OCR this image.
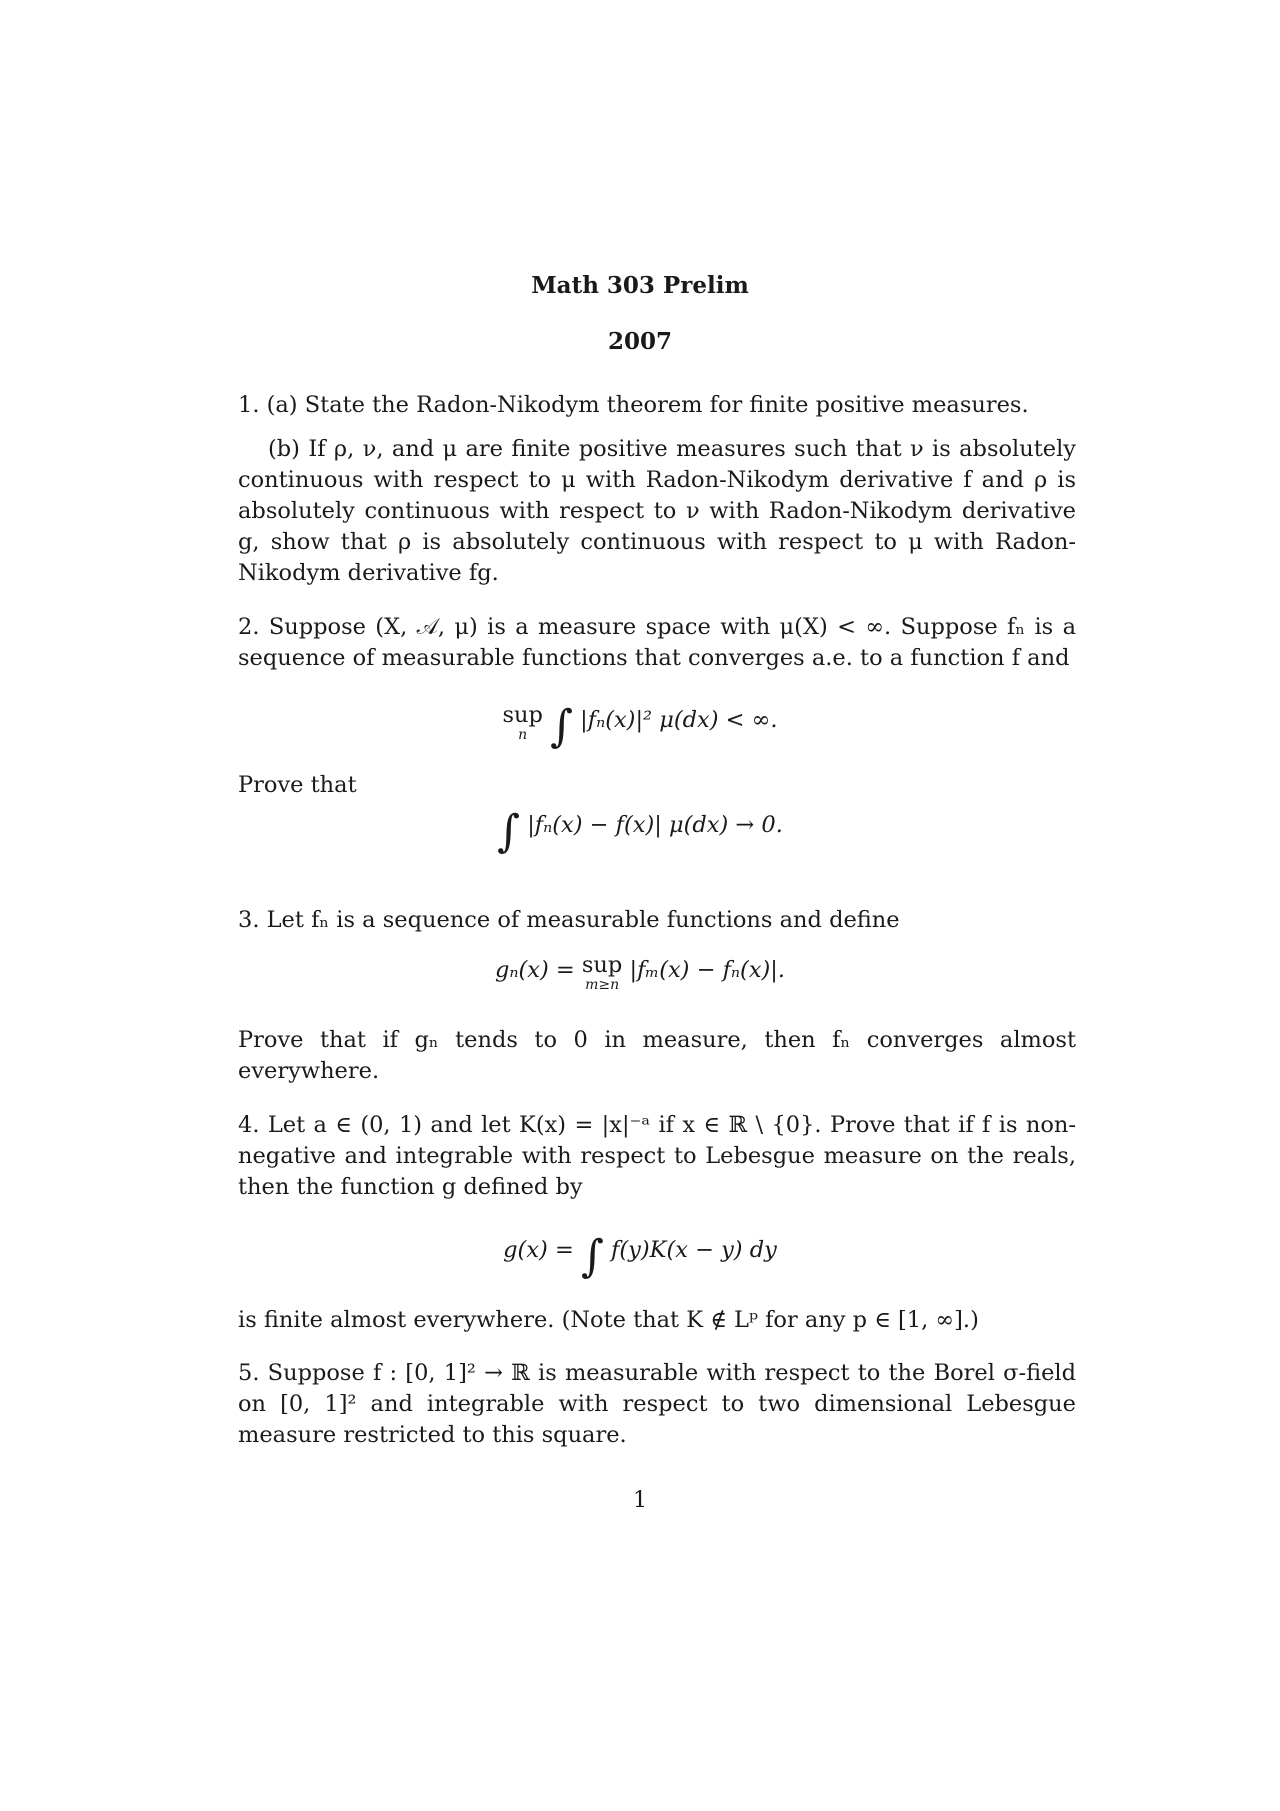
Math 303 Prelim
2007

1. (a) State the Radon-Nikodym theorem for finite positive measures.

(b) If ρ, ν, and μ are finite positive measures such that ν is absolutely continuous with respect to μ with Radon-Nikodym derivative f and ρ is absolutely continuous with respect to ν with Radon-Nikodym derivative g, show that ρ is absolutely continuous with respect to μ with Radon-Nikodym derivative fg.

2. Suppose (X, 𝒜, μ) is a measure space with μ(X) < ∞. Suppose fₙ is a sequence of measurable functions that converges a.e. to a function f and

sup
n ∫ |fₙ(x)|² μ(dx) < ∞.

Prove that

∫ |fₙ(x) − f(x)| μ(dx) → 0.

3. Let fₙ is a sequence of measurable functions and define

gₙ(x) = sup
m≥n
|fₘ(x) − fₙ(x)|.

Prove that if gₙ tends to 0 in measure, then fₙ converges almost everywhere.

4. Let a ∈ (0, 1) and let K(x) = |x|⁻ᵃ if x ∈ ℝ \ {0}. Prove that if f is non-negative and integrable with respect to Lebesgue measure on the reals, then the function g defined by

g(x) = ∫ f(y)K(x − y) dy

is finite almost everywhere. (Note that K ∉ Lᵖ for any p ∈ [1, ∞].)

5. Suppose f : [0, 1]² → ℝ is measurable with respect to the Borel σ-field on [0, 1]² and integrable with respect to two dimensional Lebesgue measure restricted to this square.

1
